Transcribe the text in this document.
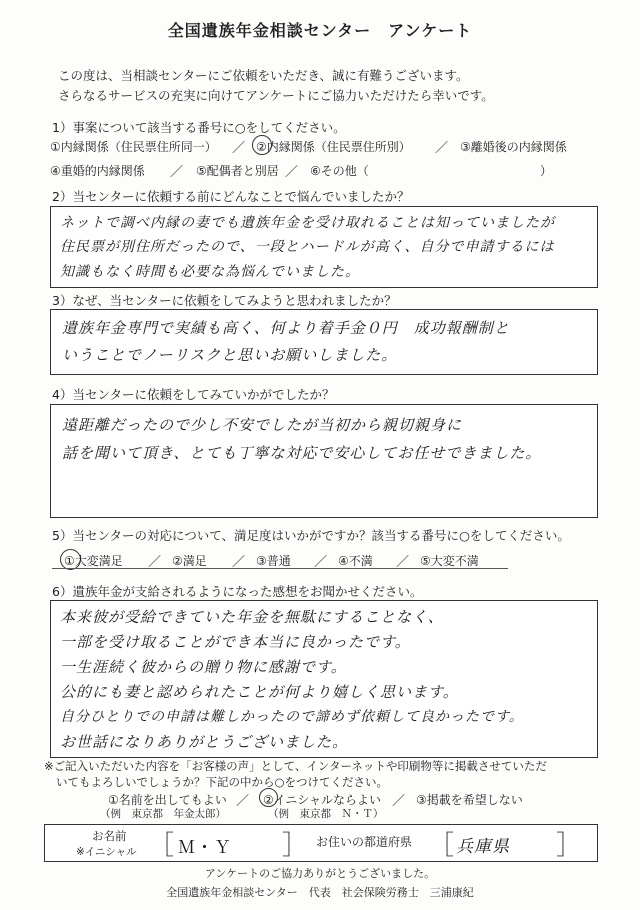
全国遺族年金相談センター　アンケート
この度は、当相談センターにご依頼をいただき、誠に有難うございます。
さらなるサービスの充実に向けてアンケートにご協力いただけたら幸いです。
1）事案について該当する番号に○をしてください。
①内縁関係（住民票住所同一） ／ ②内縁関係（住民票住所別） ／ ③離婚後の内縁関係
④重婚的内縁関係 ／ ⑤配偶者と別居 ／ ⑥その他（	）
2）当センターに依頼する前にどんなことで悩んでいましたか？
ネットで調べ内縁の妻でも遺族年金を受け取れることは知っていましたが
住民票が別住所だったので、一段とハードルが高く、自分で申請するには
知識もなく時間も必要な為悩んでいました。
3）なぜ、当センターに依頼をしてみようと思われましたか？
遺族年金専門で実績も高く、何より着手金０円　成功報酬制と
いうことでノーリスクと思いお願いしました。
4）当センターに依頼をしてみていかがでしたか？
遠距離だったので少し不安でしたが当初から親切親身に
話を聞いて頂き、とても丁寧な対応で安心してお任せできました。
5）当センターの対応について、満足度はいかがですか？該当する番号に○をしてください。
①大変満足 ／ ②満足 ／ ③普通 ／ ④不満 ／ ⑤大変不満
6）遺族年金が支給されるようになった感想をお聞かせください。
本来彼が受給できていた年金を無駄にすることなく、
一部を受け取ることができ本当に良かったです。
一生涯続く彼からの贈り物に感謝です。
公的にも妻と認められたことが何より嬉しく思います。
自分ひとりでの申請は難しかったので諦めず依頼して良かったです。
お世話になりありがとうございました。
※ご記入いただいた内容を「お客様の声」として、インターネットや印刷物等に掲載させていただ
いてもよろしいでしょうか？下記の中から○をつけてください。
①名前を出してもよい
（例　東京都　年金太郎）
／ ②イニシャルならよい
（例　東京都　Ｎ・Ｔ）
／ ③掲載を希望しない
お名前
※イニシャル ［ Ｍ・Ｙ ］ お住いの都道府県 ［ 兵庫県 ］
アンケートのご協力ありがとうございました。
全国遺族年金相談センター　代表　社会保険労務士　三浦康紀
